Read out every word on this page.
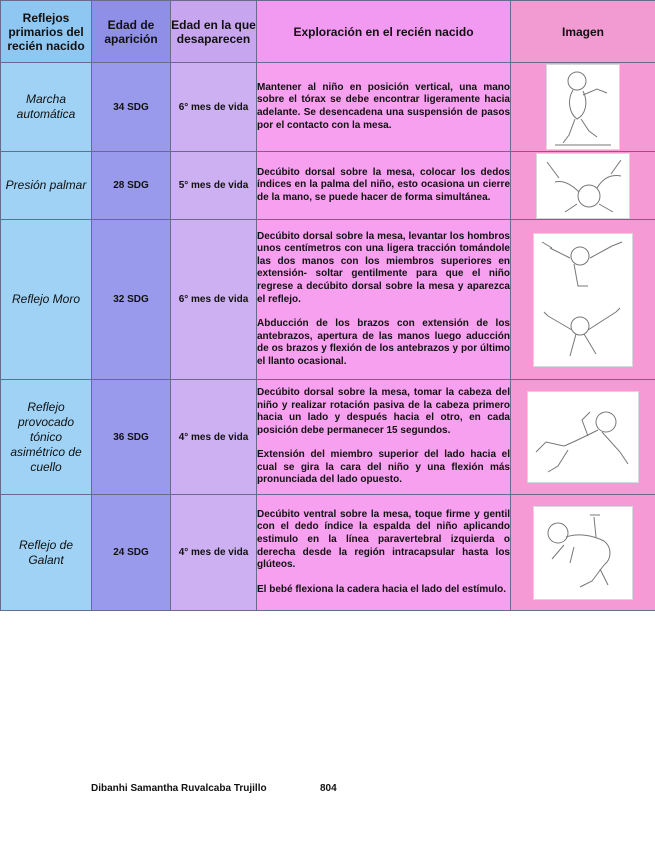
Reflejos primarios del recién nacido	Edad de aparición	Edad en la que desaparecen	Exploración en el recién nacido	Imagen
Marcha automática	34 SDG	6° mes de vida	Mantener al niño en posición vertical, una mano sobre el tórax se debe encontrar ligeramente hacia adelante. Se desencadena una suspensión de pasos por el contacto con la mesa.

Presión palmar	28 SDG	5° mes de vida	Decúbito dorsal sobre la mesa, colocar los dedos índices en la palma del niño, esto ocasiona un cierre de la mano, se puede hacer de forma simultánea.

Reflejo Moro	32 SDG	6° mes de vida	Decúbito dorsal sobre la mesa, levantar los hombros unos centímetros con una ligera tracción tomándole las dos manos con los miembros superiores en extensión- soltar gentilmente para que el niño regrese a decúbito dorsal sobre la mesa y aparezca el reflejo.

Abducción de los brazos con extensión de los antebrazos, apertura de las manos luego aducción de os brazos y flexión de los antebrazos y por último el llanto ocasional.

Reflejo provocado tónico asimétrico de cuello	36 SDG	4° mes de vida	Decúbito dorsal sobre la mesa, tomar la cabeza del niño y realizar rotación pasiva de la cabeza primero hacia un lado y después hacia el otro, en cada posición debe permanecer 15 segundos.

Extensión del miembro superior del lado hacia el cual se gira la cara del niño y una flexión más pronunciada del lado opuesto.

Reflejo de Galant	24 SDG	4° mes de vida	Decúbito ventral sobre la mesa, toque firme y gentil con el dedo índice la espalda del niño aplicando estimulo en la línea paravertebral izquierda o derecha desde la región intracapsular hasta los glúteos.

El bebé flexiona la cadera hacia el lado del estímulo.

Dibanhi Samantha Ruvalcaba Trujillo	804
